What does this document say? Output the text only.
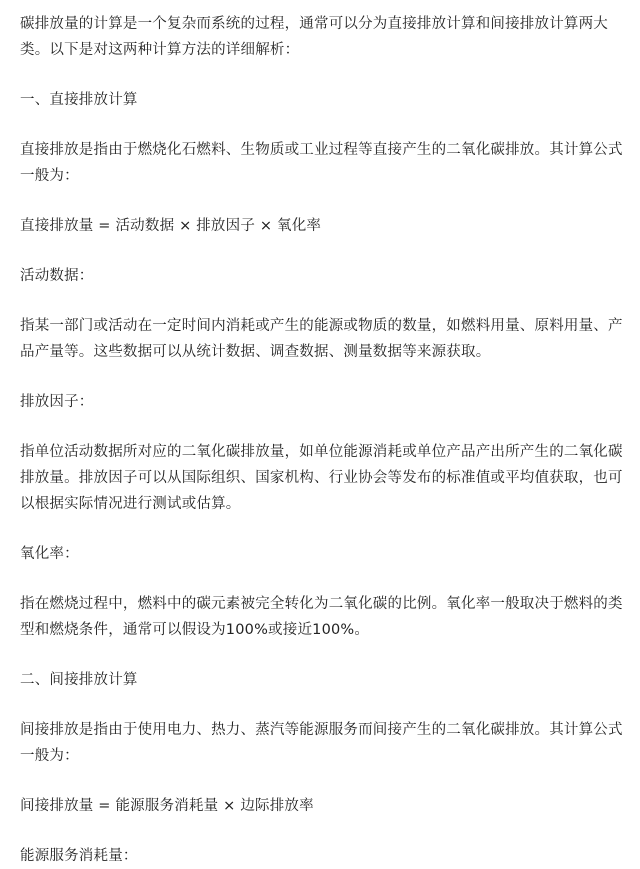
碳排放量的计算是一个复杂而系统的过程，通常可以分为直接排放计算和间接排放计算两大类。以下是对这两种计算方法的详细解析：

一、直接排放计算

直接排放是指由于燃烧化石燃料、生物质或工业过程等直接产生的二氧化碳排放。其计算公式一般为：

直接排放量 = 活动数据 × 排放因子 × 氧化率

活动数据：

指某一部门或活动在一定时间内消耗或产生的能源或物质的数量，如燃料用量、原料用量、产品产量等。这些数据可以从统计数据、调查数据、测量数据等来源获取。

排放因子：

指单位活动数据所对应的二氧化碳排放量，如单位能源消耗或单位产品产出所产生的二氧化碳排放量。排放因子可以从国际组织、国家机构、行业协会等发布的标准值或平均值获取，也可以根据实际情况进行测试或估算。

氧化率：

指在燃烧过程中，燃料中的碳元素被完全转化为二氧化碳的比例。氧化率一般取决于燃料的类型和燃烧条件，通常可以假设为100%或接近100%。

二、间接排放计算

间接排放是指由于使用电力、热力、蒸汽等能源服务而间接产生的二氧化碳排放。其计算公式一般为：

间接排放量 = 能源服务消耗量 × 边际排放率

能源服务消耗量：
